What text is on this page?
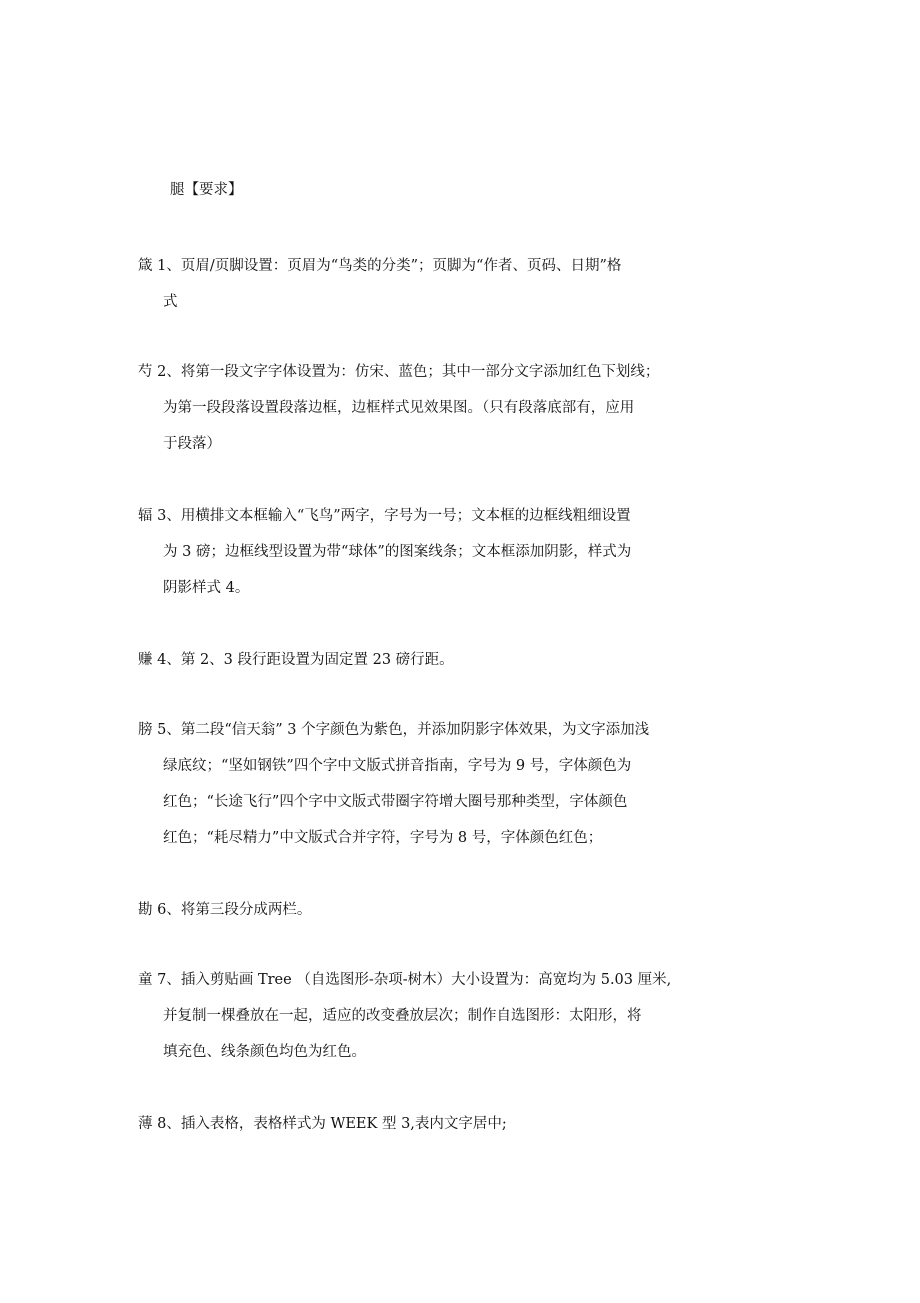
腿【要求】
箴 1、页眉/页脚设置：页眉为“鸟类的分类”；页脚为“作者、页码、日期”格
式
芍 2、将第一段文字字体设置为：仿宋、蓝色；其中一部分文字添加红色下划线；
为第一段段落设置段落边框，边框样式见效果图。（只有段落底部有，应用
于段落）
辐 3、用横排文本框输入“飞鸟”两字，字号为一号；文本框的边框线粗细设置
为 3 磅；边框线型设置为带“球体”的图案线条；文本框添加阴影，样式为
阴影样式 4。
赚 4、第 2、3 段行距设置为固定置 23 磅行距。
膀 5、第二段“信天翁” 3 个字颜色为紫色，并添加阴影字体效果，为文字添加浅
绿底纹；“坚如钢铁”四个字中文版式拼音指南，字号为 9 号，字体颜色为
红色；“长途飞行”四个字中文版式带圈字符增大圈号那种类型，字体颜色
红色；“耗尽精力”中文版式合并字符，字号为 8 号，字体颜色红色；
勘 6、将第三段分成两栏。
童 7、插入剪贴画 Tree （自选图形-杂项-树木）大小设置为：高宽均为 5.03 厘米,
并复制一棵叠放在一起，适应的改变叠放层次；制作自选图形：太阳形，将
填充色、线条颜色均色为红色。
薄 8、插入表格，表格样式为 WEEK 型 3,表内文字居中;
